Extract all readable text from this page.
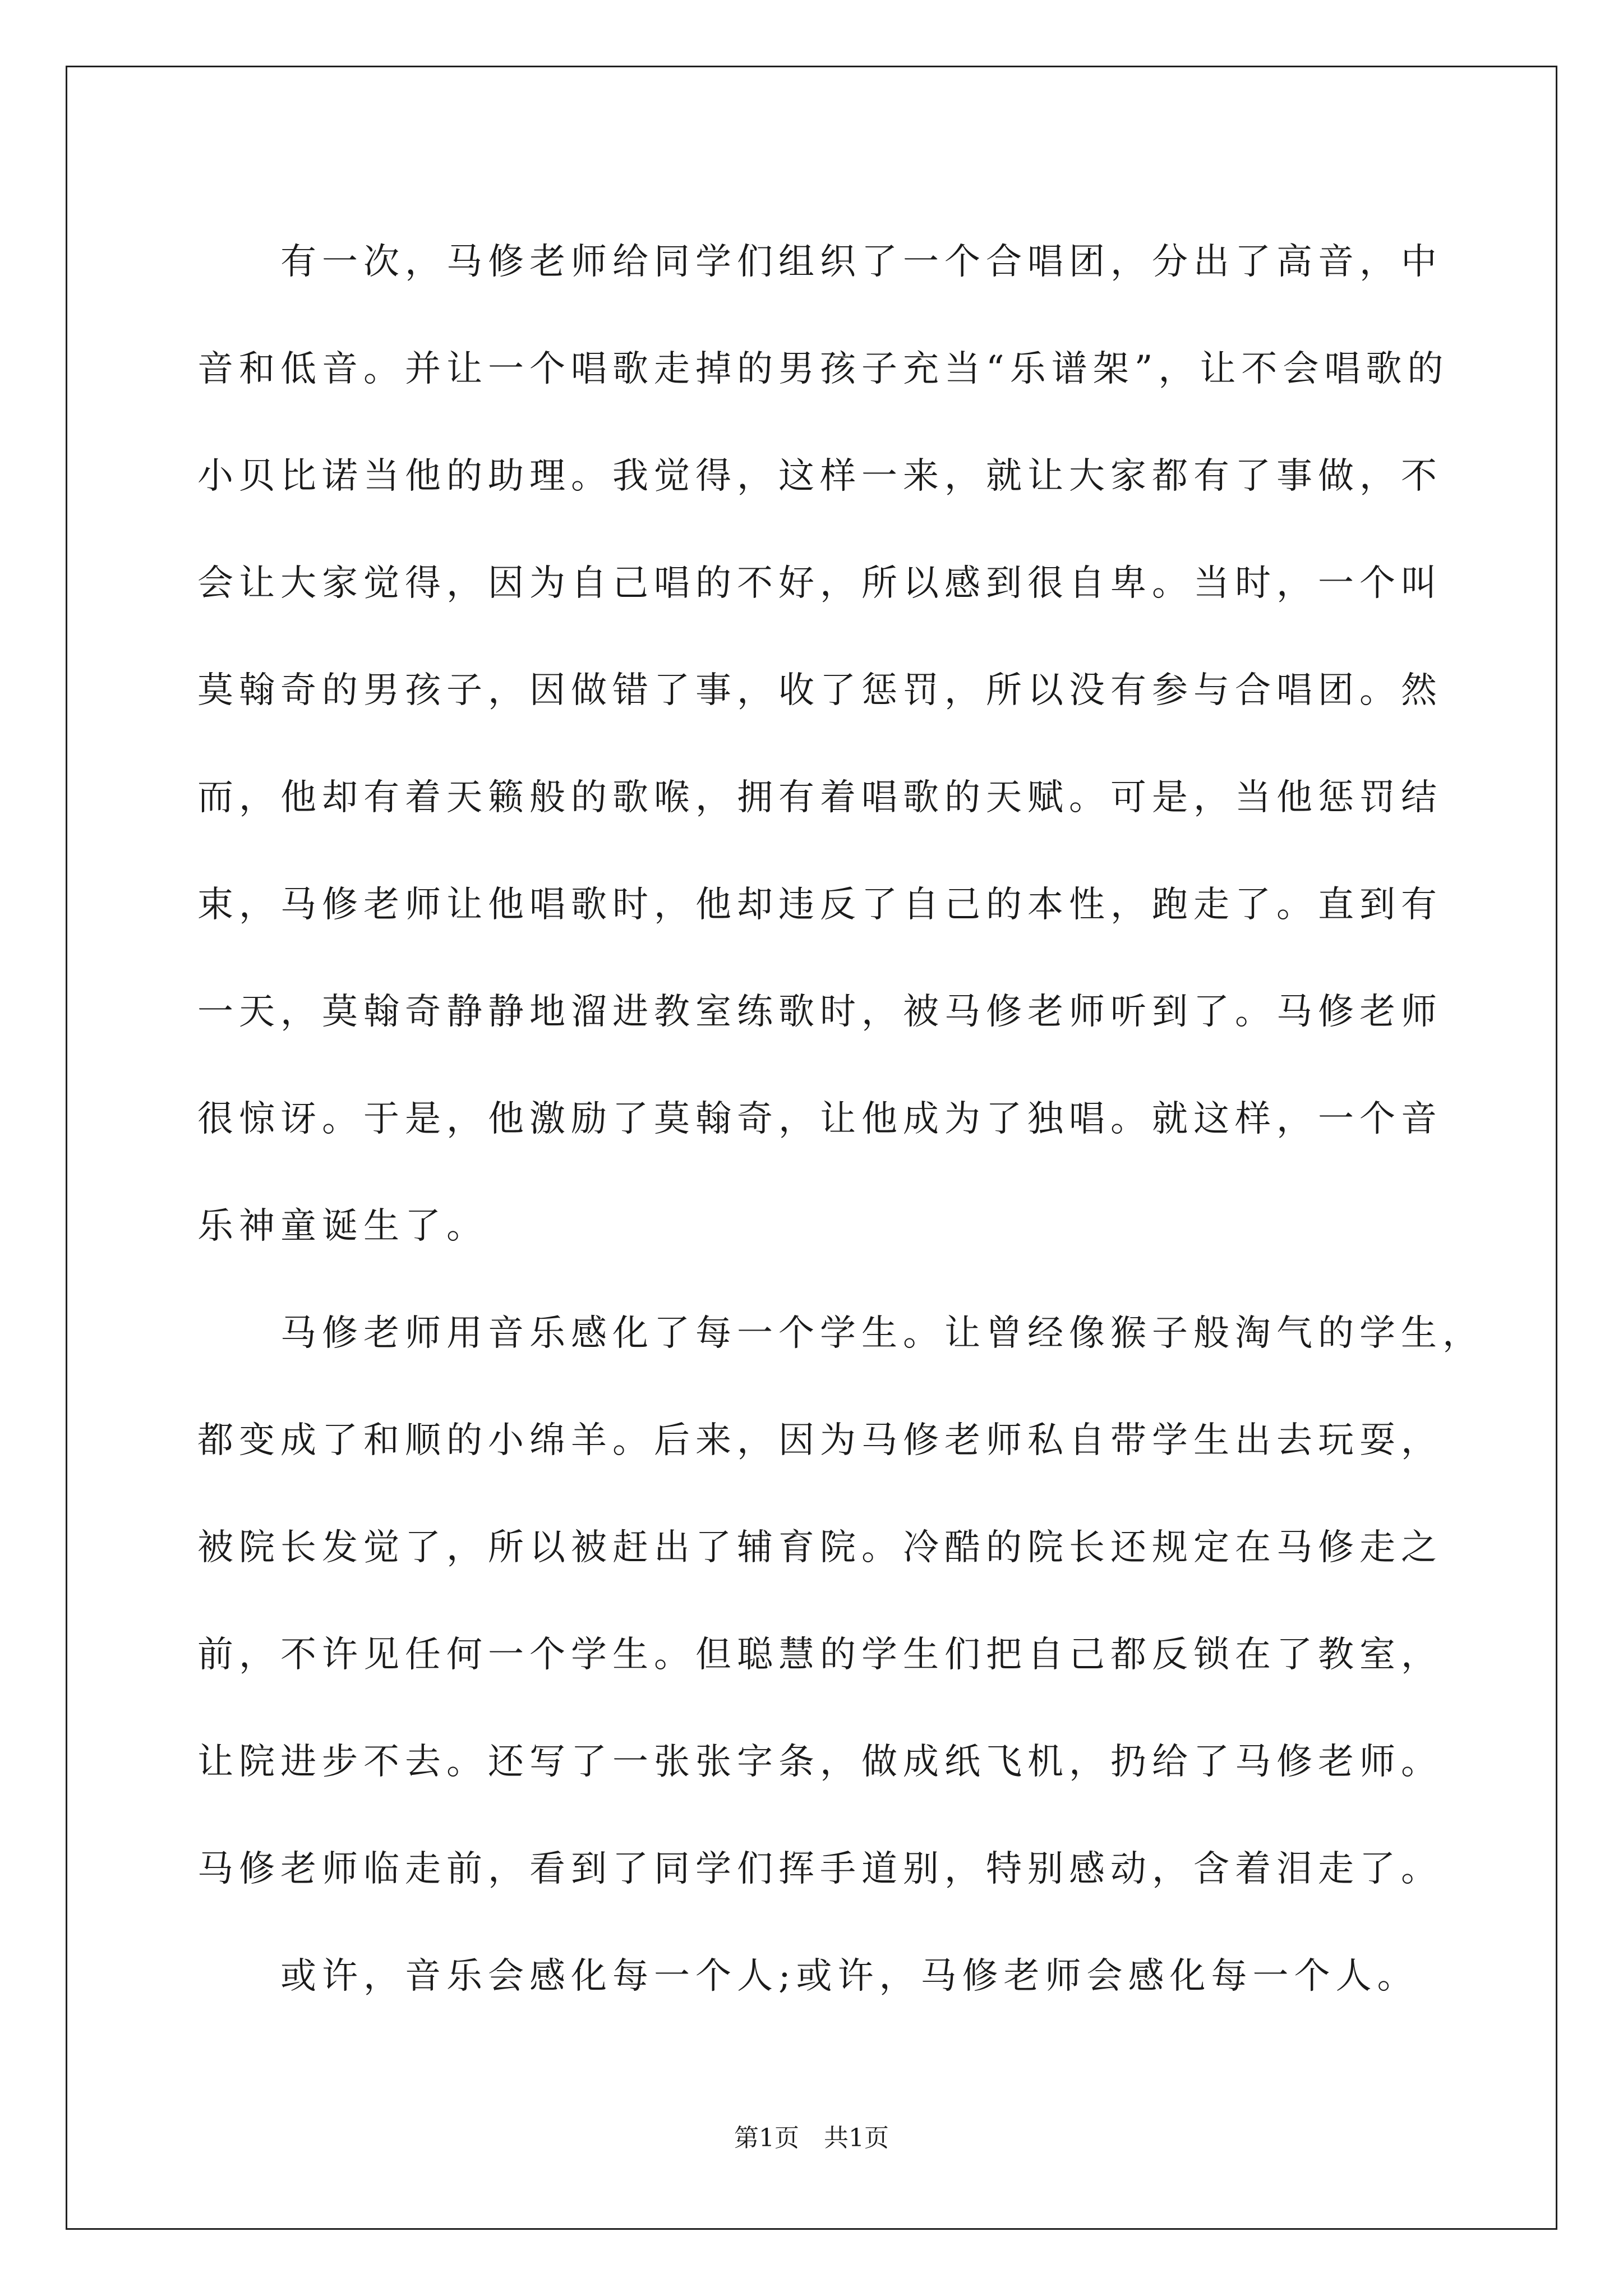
有一次，马修老师给同学们组织了一个合唱团，分出了高音，中
音和低音。并让一个唱歌走掉的男孩子充当“乐谱架”，让不会唱歌的
小贝比诺当他的助理。我觉得，这样一来，就让大家都有了事做，不
会让大家觉得，因为自己唱的不好，所以感到很自卑。当时，一个叫
莫翰奇的男孩子，因做错了事，收了惩罚，所以没有参与合唱团。然
而，他却有着天籁般的歌喉，拥有着唱歌的天赋。可是，当他惩罚结
束，马修老师让他唱歌时，他却违反了自己的本性，跑走了。直到有
一天，莫翰奇静静地溜进教室练歌时，被马修老师听到了。马修老师
很惊讶。于是，他激励了莫翰奇，让他成为了独唱。就这样，一个音
乐神童诞生了。
马修老师用音乐感化了每一个学生。让曾经像猴子般淘气的学生，
都变成了和顺的小绵羊。后来，因为马修老师私自带学生出去玩耍，
被院长发觉了，所以被赶出了辅育院。冷酷的院长还规定在马修走之
前，不许见任何一个学生。但聪慧的学生们把自己都反锁在了教室，
让院进步不去。还写了一张张字条，做成纸飞机，扔给了马修老师。
马修老师临走前，看到了同学们挥手道别，特别感动，含着泪走了。
或许，音乐会感化每一个人;或许，马修老师会感化每一个人。
第1页 共1页
